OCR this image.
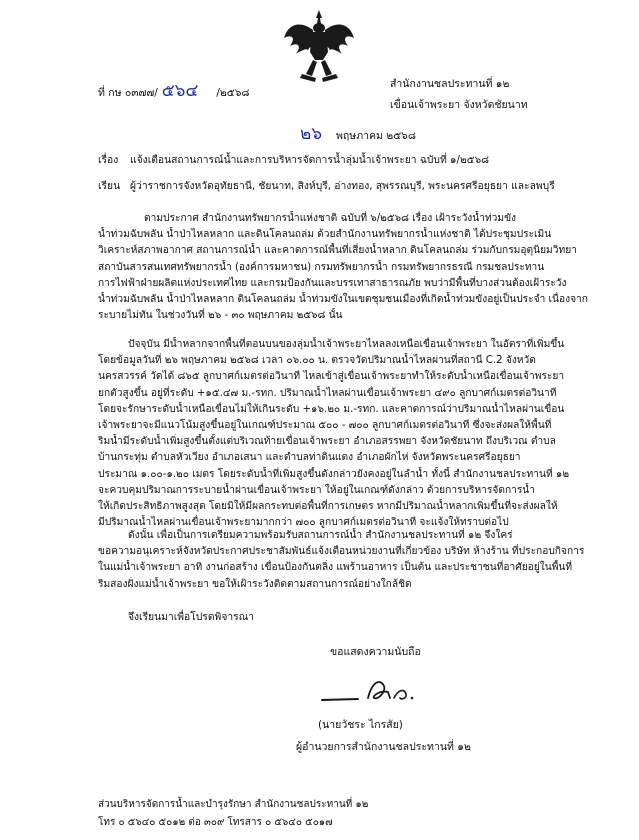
ที่ กษ ๐๓๗๗/ ๕๖๔ /๒๕๖๘
สำนักงานชลประทานที่ ๑๒
เขื่อนเจ้าพระยา จังหวัดชัยนาท
๒๖ พฤษภาคม ๒๕๖๘
เรื่อง แจ้งเตือนสถานการณ์น้ำและการบริหารจัดการน้ำลุ่มน้ำเจ้าพระยา ฉบับที่ ๑/๒๕๖๘
เรียน ผู้ว่าราชการจังหวัดอุทัยธานี, ชัยนาท, สิงห์บุรี, อ่างทอง, สุพรรณบุรี, พระนครศรีอยุธยา และลพบุรี
ตามประกาศ สำนักงานทรัพยากรน้ำแห่งชาติ ฉบับที่ ๖/๒๕๖๘ เรื่อง เฝ้าระวังน้ำท่วมขัง
น้ำท่วมฉับพลัน น้ำป่าไหลหลาก และดินโคลนถล่ม ด้วยสำนักงานทรัพยากรน้ำแห่งชาติ ได้ประชุมประเมิน
วิเคราะห์สภาพอากาศ สถานการณ์น้ำ และคาดการณ์พื้นที่เสี่ยงน้ำหลาก ดินโคลนถล่ม ร่วมกับกรมอุตุนิยมวิทยา
สถาบันสารสนเทศทรัพยากรน้ำ (องค์การมหาชน) กรมทรัพยากรน้ำ กรมทรัพยากรธรณี กรมชลประทาน
การไฟฟ้าฝ่ายผลิตแห่งประเทศไทย และกรมป้องกันและบรรเทาสาธารณภัย พบว่ามีพื้นที่บางส่วนต้องเฝ้าระวัง
น้ำท่วมฉับพลัน น้ำป่าไหลหลาก ดินโคลนถล่ม น้ำท่วมขังในเขตชุมชนเมืองที่เกิดน้ำท่วมขังอยู่เป็นประจำ เนื่องจาก
ระบายไม่ทัน ในช่วงวันที่ ๒๖ - ๓๐ พฤษภาคม ๒๕๖๘ นั้น
ปัจจุบัน มีน้ำหลากจากพื้นที่ตอนบนของลุ่มน้ำเจ้าพระยาไหลลงเหนือเขื่อนเจ้าพระยา ในอัตราที่เพิ่มขึ้น
โดยข้อมูลวันที่ ๒๖ พฤษภาคม ๒๕๖๘ เวลา ๐๖.๐๐ น. ตรวจวัดปริมาณน้ำไหลผ่านที่สถานี C.2 จังหวัด
นครสวรรค์ วัดได้ ๘๖๕ ลูกบาศก์เมตรต่อวินาที ไหลเข้าสู่เขื่อนเจ้าพระยาทำให้ระดับน้ำเหนือเขื่อนเจ้าพระยา
ยกตัวสูงขึ้น อยู่ที่ระดับ +๑๕.๔๗ ม.-รทก. ปริมาณน้ำไหลผ่านเขื่อนเจ้าพระยา ๔๙๐ ลูกบาศก์เมตรต่อวินาที
โดยจะรักษาระดับน้ำเหนือเขื่อนไม่ให้เกินระดับ +๑๖.๒๐ ม.-รทก. และคาดการณ์ว่าปริมาณน้ำไหลผ่านเขื่อน
เจ้าพระยาจะมีแนวโน้มสูงขึ้นอยู่ในเกณฑ์ประมาณ ๕๐๐ - ๗๐๐ ลูกบาศก์เมตรต่อวินาที ซึ่งจะส่งผลให้พื้นที่
ริมน้ำมีระดับน้ำเพิ่มสูงขึ้นตั้งแต่บริเวณท้ายเขื่อนเจ้าพระยา อำเภอสรรพยา จังหวัดชัยนาท ถึงบริเวณ ตำบล
บ้านกระทุ่ม ตำบลหัวเวียง อำเภอเสนา และตำบลท่าดินแดง อำเภอผักไห่ จังหวัดพระนครศรีอยุธยา
ประมาณ ๑.๐๐-๑.๒๐ เมตร โดยระดับน้ำที่เพิ่มสูงขึ้นดังกล่าวยังคงอยู่ในลำน้ำ ทั้งนี้ สำนักงานชลประทานที่ ๑๒
จะควบคุมปริมาณการระบายน้ำผ่านเขื่อนเจ้าพระยา ให้อยู่ในเกณฑ์ดังกล่าว ด้วยการบริหารจัดการน้ำ
ให้เกิดประสิทธิภาพสูงสุด โดยมิให้มีผลกระทบต่อพื้นที่การเกษตร หากมีปริมาณน้ำหลากเพิ่มขึ้นที่จะส่งผลให้
มีปริมาณน้ำไหลผ่านเขื่อนเจ้าพระยามากกว่า ๗๐๐ ลูกบาศก์เมตรต่อวินาที จะแจ้งให้ทราบต่อไป
ดังนั้น เพื่อเป็นการเตรียมความพร้อมรับสถานการณ์น้ำ สำนักงานชลประทานที่ ๑๒ จึงใคร่
ขอความอนุเคราะห์จังหวัดประกาศประชาสัมพันธ์แจ้งเตือนหน่วยงานที่เกี่ยวข้อง บริษัท ห้างร้าน ที่ประกอบกิจการ
ในแม่น้ำเจ้าพระยา อาทิ งานก่อสร้าง เขื่อนป้องกันตลิ่ง แพร้านอาหาร เป็นต้น และประชาชนที่อาศัยอยู่ในพื้นที่
ริมสองฝั่งแม่น้ำเจ้าพระยา ขอให้เฝ้าระวังติดตามสถานการณ์อย่างใกล้ชิด
จึงเรียนมาเพื่อโปรดพิจารณา
ขอแสดงความนับถือ
(นายวัชระ ไกรสัย)
ผู้อำนวยการสำนักงานชลประทานที่ ๑๒
ส่วนบริหารจัดการน้ำและบำรุงรักษา สำนักงานชลประทานที่ ๑๒
โทร ๐ ๕๖๔๐ ๕๐๑๒ ต่อ ๓๐๙ โทรสาร ๐ ๕๖๔๐ ๕๐๑๗
